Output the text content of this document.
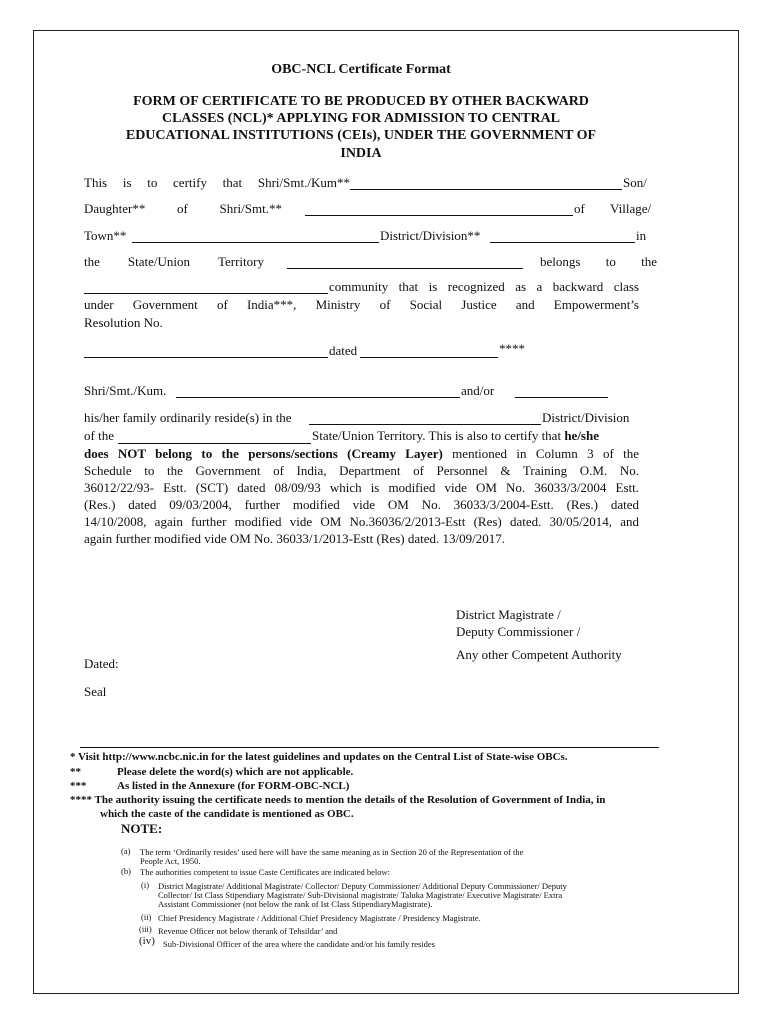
OBC-NCL Certificate Format
FORM OF CERTIFICATE TO BE PRODUCED BY OTHER BACKWARD
CLASSES (NCL)* APPLYING FOR ADMISSION TO CENTRAL
EDUCATIONAL INSTITUTIONS (CEIs), UNDER THE GOVERNMENT OF
INDIA
This is to certify that Shri/Smt./Kum**	Son/
Daughter** of Shri/Smt.**	of Village/
Town**	District/Division**	in
the State/Union Territory	belongs to the
community that is recognized as a backward class
under Government of India***, Ministry of Social Justice and Empowerment’s
Resolution No.
dated	****
Shri/Smt./Kum.	and/or
his/her family ordinarily reside(s) in the	District/Division
of the	State/Union Territory. This is also to certify that he/she
does NOT belong to the persons/sections (Creamy Layer) mentioned in Column 3 of the
Schedule to the Government of India, Department of Personnel & Training O.M. No.
36012/22/93- Estt. (SCT) dated 08/09/93 which is modified vide OM No. 36033/3/2004 Estt.
(Res.) dated 09/03/2004, further modified vide OM No. 36033/3/2004-Estt. (Res.) dated
14/10/2008, again further modified vide OM No.36036/2/2013-Estt (Res) dated. 30/05/2014, and
again further modified vide OM No. 36033/1/2013-Estt (Res) dated. 13/09/2017.
District Magistrate /
Deputy Commissioner /
Any other Competent Authority
Dated:
Seal
* Visit http://www.ncbc.nic.in for the latest guidelines and updates on the Central List of State-wise OBCs.
**	Please delete the word(s) which are not applicable.
***	As listed in the Annexure (for FORM-OBC-NCL)
**** The authority issuing the certificate needs to mention the details of the Resolution of Government of India, in
which the caste of the candidate is mentioned as OBC.
NOTE:
(a) The term ‘Ordinarily resides’ used here will have the same meaning as in Section 20 of the Representation of the
People Act, 1950.
(b) The authorities competent to issue Caste Certificates are indicated below:
(i) District Magistrate/ Additional Magistrate/ Collector/ Deputy Commissioner/ Additional Deputy Commissioner/ Deputy
Collector/ Ist Class Stipendiary Magistrate/ Sub-Divisional magistrate/ Taluka Magistrate/ Executive Magistrate/ Extra
Assistant Commissioner (not below the rank of Ist Class StipendiaryMagistrate).
(ii) Chief Presidency Magistrate / Additional Chief Presidency Magistrate / Presidency Magistrate.
(iii) Revenue Officer not below therank of Tehsildar’ and
(iv) Sub-Divisional Officer of the area where the candidate and/or his family resides
